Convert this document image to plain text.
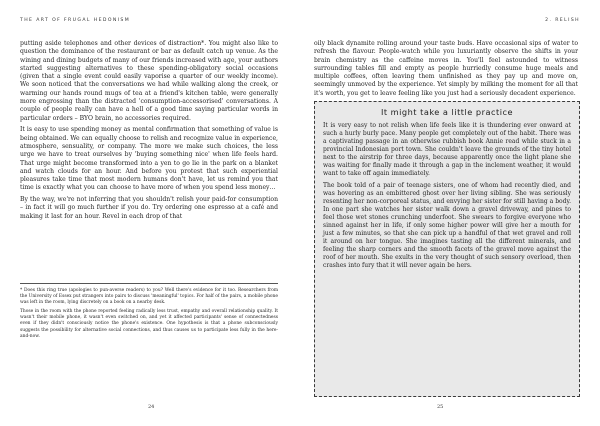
THE ART OF FRUGAL HEDONISM

putting aside telephones and other devices of distraction*. You might also like to question the dominance of the restaurant or bar as default catch up venue. As the wining and dining budgets of many of our friends increased with age, your authors started suggesting alternatives to these spending-obligatory social occasions (given that a single event could easily vaporise a quarter of our weekly income). We soon noticed that the conversations we had while walking along the creek, or warming our hands round mugs of tea at a friend's kitchen table, were generally more engrossing than the distracted 'consumption-accessorised' conversations. A couple of people really can have a hell of a good time saying particular words in particular orders – BYO brain, no accessories required.

It is easy to use spending money as mental confirmation that something of value is being obtained. We can equally choose to relish and recognize value in experience, atmosphere, sensuality, or company. The more we make such choices, the less urge we have to treat ourselves by 'buying something nice' when life feels hard. That urge might become transformed into a yen to go lie in the park on a blanket and watch clouds for an hour. And before you protest that such experiential pleasures take time that most modern humans don't have, let us remind you that time is exactly what you can choose to have more of when you spend less money…

By the way, we're not inferring that you shouldn't relish your paid-for consumption – in fact it will go much further if you do. Try ordering one espresso at a café and making it last for an hour. Revel in each drop of that

* Does this ring true (apologies to pun-averse readers) to you? Well there's evidence for it too. Researchers from the University of Essex put strangers into pairs to discuss 'meaningful' topics. For half of the pairs, a mobile phone was left in the room, lying discretely on a book on a nearby desk.

Those in the room with the phone reported feeling radically less trust, empathy and overall relationship quality. It wasn't their mobile phone, it wasn't even switched on, and yet it affected participants' sense of connectedness even if they didn't consciously notice the phone's existence. One hypothesis is that a phone subconsciously suggests the possibility for alternative social connections, and thus causes us to participate less fully in the here-and-now.

24
2. RELISH

oily black dynamite rolling around your taste buds. Have occasional sips of water to refresh the flavour. People-watch while you luxuriantly observe the shifts in your brain chemistry as the caffeine moves in. You'll feel astounded to witness surrounding tables fill and empty as people hurriedly consume huge meals and multiple coffees, often leaving them unfinished as they pay up and move on, seemingly unmoved by the experience. Yet simply by milking the moment for all that it's worth, you get to leave feeling like you just had a seriously decadent experience.

It might take a little practice

It is very easy to not relish when life feels like it is thundering ever onward at such a hurly burly pace. Many people get completely out of the habit. There was a captivating passage in an otherwise rubbish book Annie read while stuck in a provincial Indonesian port town. She couldn't leave the grounds of the tiny hotel next to the airstrip for three days, because apparently once the light plane she was waiting for finally made it through a gap in the inclement weather, it would want to take off again immediately.

The book told of a pair of teenage sisters, one of whom had recently died, and was hovering as an embittered ghost over her living sibling. She was seriously resenting her non-corporeal status, and envying her sister for still having a body. In one part she watches her sister walk down a gravel driveway, and pines to feel those wet stones crunching underfoot. She swears to forgive everyone who sinned against her in life, if only some higher power will give her a mouth for just a few minutes, so that she can pick up a handful of that wet gravel and roll it around on her tongue. She imagines tasting all the different minerals, and feeling the sharp corners and the smooth facets of the gravel move against the roof of her mouth. She exults in the very thought of such sensory overload, then crashes into fury that it will never again be hers.

25
